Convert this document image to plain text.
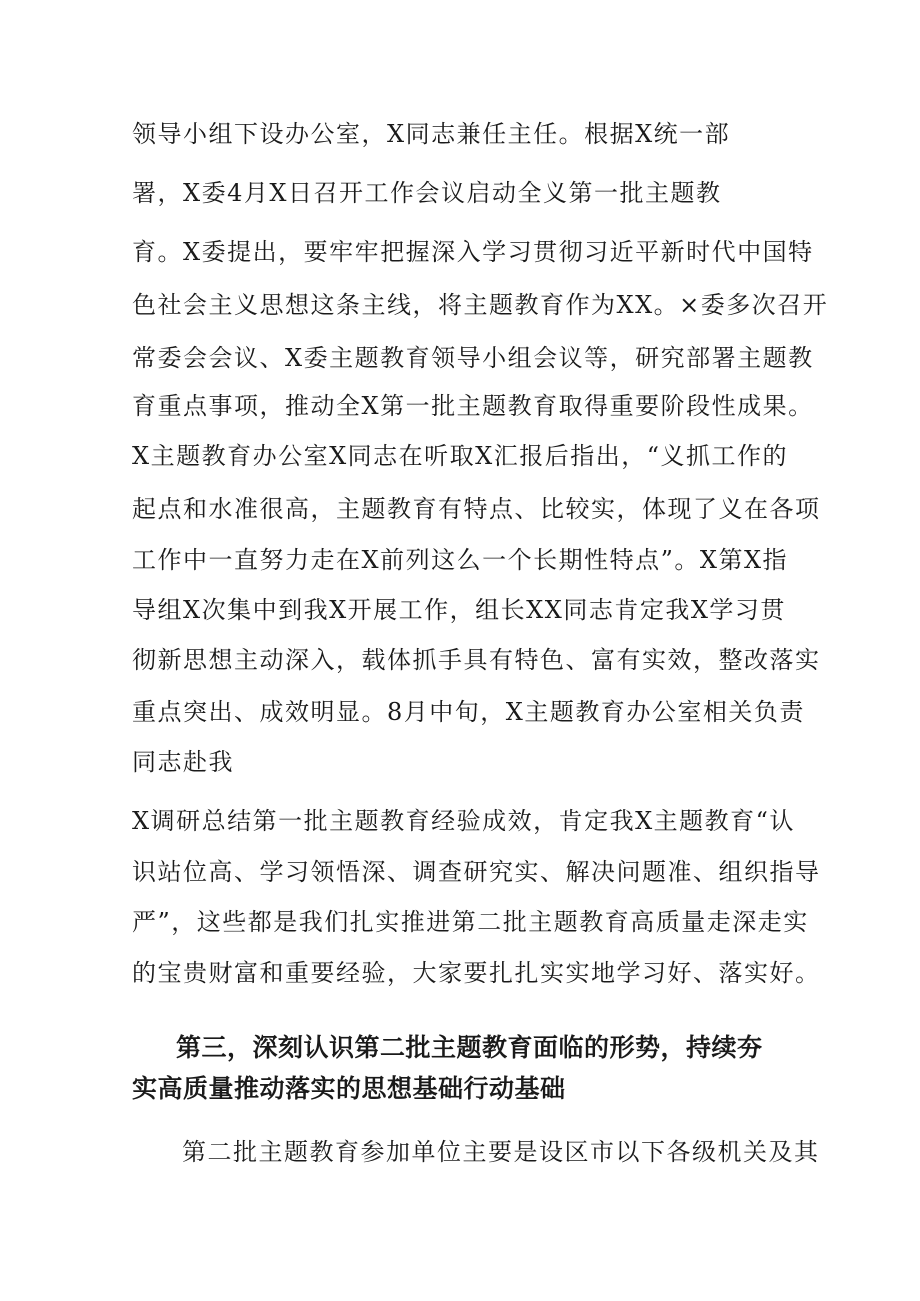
领导小组下设办公室，X同志兼任主任。根据X统一部
署，X委4月X日召开工作会议启动全义第一批主题教
育。X委提出，要牢牢把握深入学习贯彻习近平新时代中国特
色社会主义思想这条主线，将主题教育作为XX。×委多次召开
常委会会议、X委主题教育领导小组会议等，研究部署主题教
育重点事项，推动全X第一批主题教育取得重要阶段性成果。
X主题教育办公室X同志在听取X汇报后指出，“义抓工作的
起点和水准很高，主题教育有特点、比较实，体现了义在各项
工作中一直努力走在X前列这么一个长期性特点”。X第X指
导组X次集中到我X开展工作，组长XX同志肯定我X学习贯
彻新思想主动深入，载体抓手具有特色、富有实效，整改落实
重点突出、成效明显。8月中旬，X主题教育办公室相关负责
同志赴我
X调研总结第一批主题教育经验成效，肯定我X主题教育“认
识站位高、学习领悟深、调查研究实、解决问题准、组织指导
严”，这些都是我们扎实推进第二批主题教育高质量走深走实
的宝贵财富和重要经验，大家要扎扎实实地学习好、落实好。
第三，深刻认识第二批主题教育面临的形势，持续夯
实高质量推动落实的思想基础行动基础
第二批主题教育参加单位主要是设区市以下各级机关及其
